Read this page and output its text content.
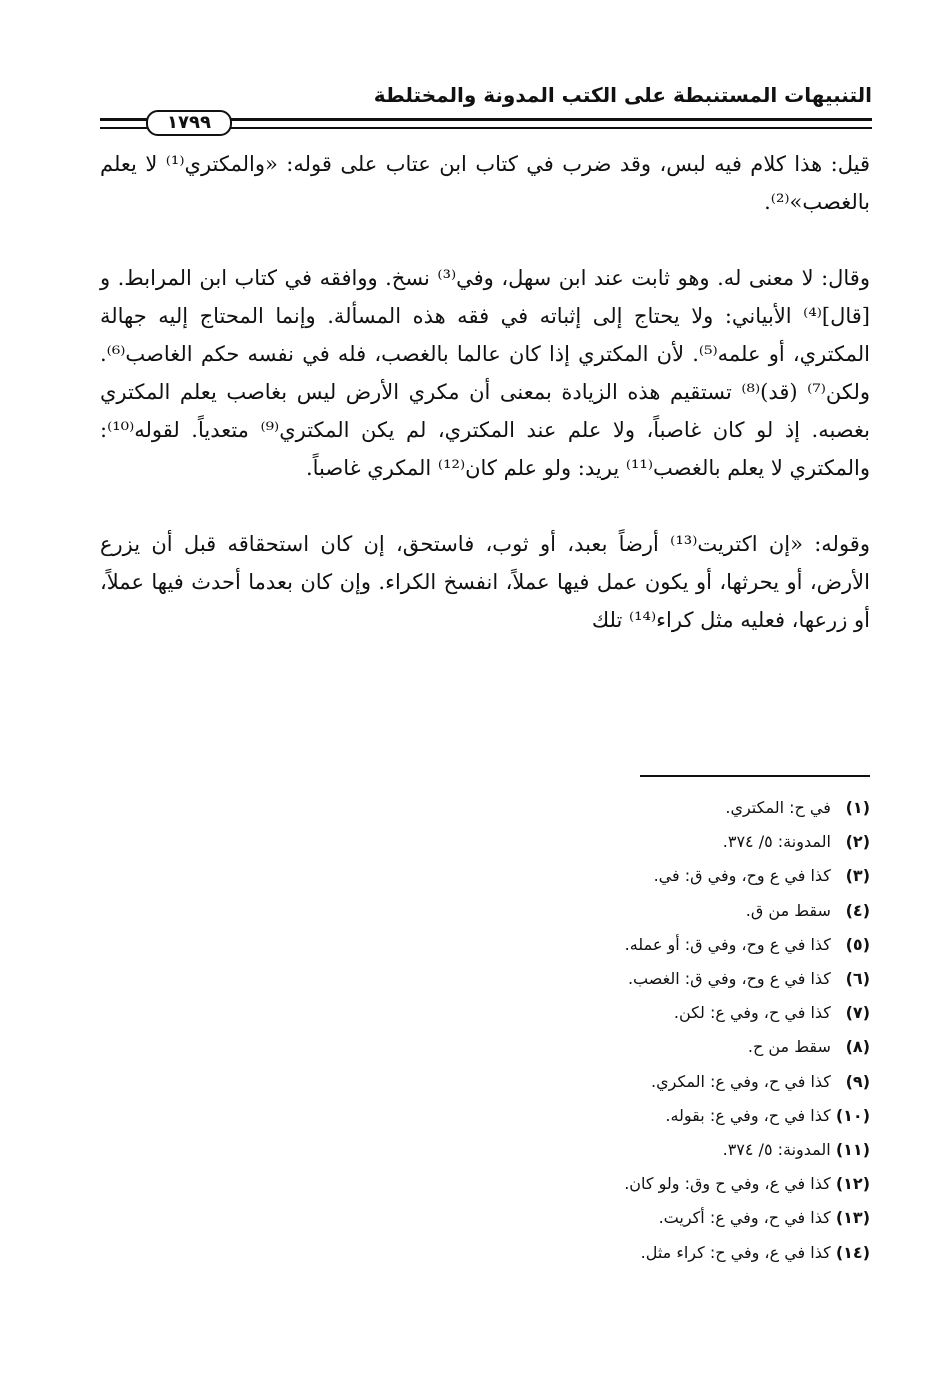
التنبيهات المستنبطة على الكتب المدونة والمختلطة
١٧٩٩

قيل: هذا كلام فيه لبس، وقد ضرب في كتاب ابن عتاب على قوله: «والمكتري⁽¹⁾ لا يعلم بالغصب»⁽²⁾.

وقال: لا معنى له. وهو ثابت عند ابن سهل، وفي⁽³⁾ نسخ. ووافقه في كتاب ابن المرابط. و [قال]⁽⁴⁾ الأبياني: ولا يحتاج إلى إثباته في فقه هذه المسألة. وإنما المحتاج إليه جهالة المكتري، أو علمه⁽⁵⁾. لأن المكتري إذا كان عالما بالغصب، فله في نفسه حكم الغاصب⁽⁶⁾. ولكن⁽⁷⁾ (قد)⁽⁸⁾ تستقيم هذه الزيادة بمعنى أن مكري الأرض ليس بغاصب يعلم المكتري بغصبه. إذ لو كان غاصباً، ولا علم عند المكتري، لم يكن المكتري⁽⁹⁾ متعدياً. لقوله⁽¹⁰⁾: والمكتري لا يعلم بالغصب⁽¹¹⁾ يريد: ولو علم كان⁽¹²⁾ المكري غاصباً.

وقوله: «إن اكتريت⁽¹³⁾ أرضاً بعبد، أو ثوب، فاستحق، إن كان استحقاقه قبل أن يزرع الأرض، أو يحرثها، أو يكون عمل فيها عملاً، انفسخ الكراء. وإن كان بعدما أحدث فيها عملاً، أو زرعها، فعليه مثل كراء⁽¹⁴⁾ تلك

(١) في ح: المكتري.
(٢) المدونة: ٥/ ٣٧٤.
(٣) كذا في ع وح، وفي ق: في.
(٤) سقط من ق.
(٥) كذا في ع وح، وفي ق: أو عمله.
(٦) كذا في ع وح، وفي ق: الغصب.
(٧) كذا في ح، وفي ع: لكن.
(٨) سقط من ح.
(٩) كذا في ح، وفي ع: المكري.
(١٠) كذا في ح، وفي ع: بقوله.
(١١) المدونة: ٥/ ٣٧٤.
(١٢) كذا في ع، وفي ح وق: ولو كان.
(١٣) كذا في ح، وفي ع: أكريت.
(١٤) كذا في ع، وفي ح: كراء مثل.
